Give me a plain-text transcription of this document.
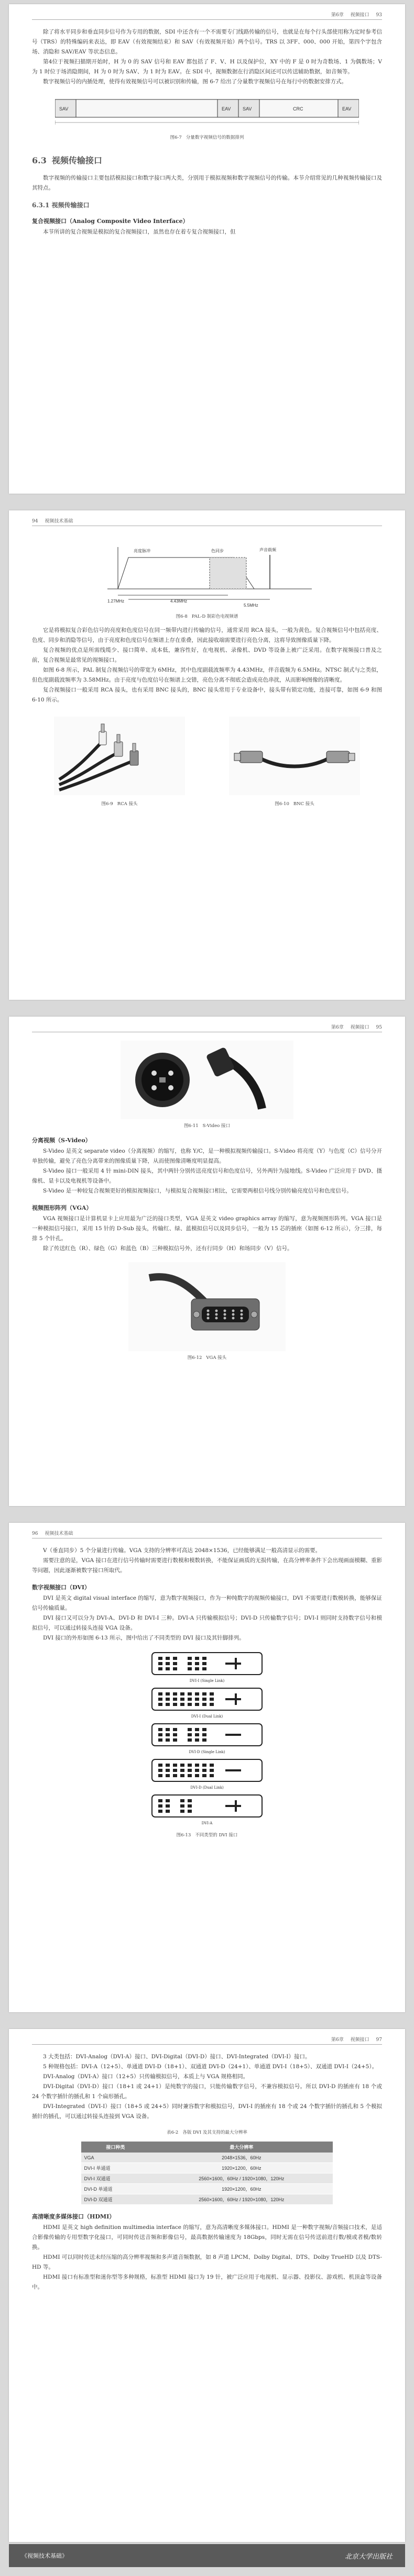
第6章 视频接口 93

除了将水平同步和垂直同步信号作为专用的数据，SDI 中还含有一个不需要专门线路传输的信号，也就是在每个行头部使用称为定时参考信号（TRS）的特殊编码来表达，即 EAV（有效视频结束）和 SAV（有效视频开始）两个信号。TRS 以 3FF、000、000 开始，第四个字包含场、消隐和 SAV/EAV 等状态信息。

第4位于视频扫描期开始时，H 为 0 的 SAV 信号和 EAV 都包括了 F、V、H 以及保护位，XY 中的 F 是 0 时为奇数场、1 为偶数场；V 为 1 时位于场消隐期间，H 为 0 时为 SAV、为 1 时为 EAV。在 SDI 中，视频数据在行消隐区间还可以传送辅助数据，如音频等。

数字视频信号的内插处理，使得有效视频信号可以被识别和传输，图 6-7 给出了分量数字视频信号在每行中的数据安排方式。

SAV	EAV	SAV	CRC	EAV
图6-7 分量数字视频信号的数据排列
6.3 视频传输接口

数字视频的传输接口主要包括模拟接口和数字接口两大类，分别用于模拟视频和数字视频信号的传输。本节介绍常见的几种视频传输接口及其特点。

6.3.1 视频传输接口
复合视频接口（Analog Composite Video Interface）

本节所讲的复合视频是模拟的复合视频接口，虽然也存在着专复合视频接口，但

94 视频技术基础
亮度脉冲	色同步	声音载频
1.27MHz	4.43MHz
5.5MHz
图6-8 PAL-D 制彩色电视频谱

它是将模拟复合彩色信号的亮度和色度信号在同一频带内进行传输的信号，通常采用 RCA 接头，一般为黄色。复合视频信号中包括亮度、色度、同步和消隐等信号，由于亮度和色度信号在频谱上存在重叠，因此接收端需要进行亮色分离，这将导致图像质量下降。

复合视频的优点是所需线缆少、接口简单、成本低，兼容性好，在电视机、录像机、DVD 等设备上被广泛采用。在数字视频接口普及之前，复合视频是最常见的视频接口。

如图 6-8 所示，PAL 制复合视频信号的带宽为 6MHz，其中色度副载波频率为 4.43MHz，伴音载频为 6.5MHz。NTSC 制式与之类似，但色度副载波频率为 3.58MHz。由于亮度与色度信号在频谱上交错，亮色分离不彻底会造成亮色串扰，从而影响图像的清晰度。

复合视频接口一般采用 RCA 接头，也有采用 BNC 接头的，BNC 接头常用于专业设备中，接头带有锁定功能，连接可靠，如图 6-9 和图 6-10 所示。

图6-9 RCA 接头	图6-10 BNC 接头
第6章 视频接口 95
图6-11 S-Video 接口
分离视频（S-Video）

S-Video 是英文 separate video（分离视频）的缩写，也称 Y/C，是一种模拟视频传输接口。S-Video 将亮度（Y）与色度（C）信号分开单独传输，避免了亮色分离带来的图像质量下降，从而使图像清晰度明显提高。

S-Video 接口一般采用 4 针 mini-DIN 接头，其中两针分别传送亮度信号和色度信号，另外两针为接地线。S-Video 广泛应用于 DVD、摄像机、显卡以及电视机等设备中。

S-Video 是一种较复合视频更好的模拟视频接口，与模拟复合视频接口相比，它需要两根信号线分别传输亮度信号和色度信号。

视频图形阵列（VGA）

VGA 视频接口是计算机显卡上应用最为广泛的接口类型，VGA 是英文 video graphics array 的缩写，意为视频图形阵列。VGA 接口是一种模拟信号接口，采用 15 针的 D-Sub 接头，传输红、绿、蓝模拟信号以及同步信号，一般为 15 芯的插座（如图 6-12 所示），分三排，每排 5 个针孔。

除了传送红色（R）、绿色（G）和蓝色（B）三种模拟信号外，还有行同步（H）和场同步（V）信号。

图6-12 VGA 接头
96 视频技术基础

V（垂直同步）5 个分量进行传输。VGA 支持的分辨率可高达 2048×1536，已经能够满足一般高清显示的需要。

需要注意的是，VGA 接口在进行信号传输时需要进行数模和模数转换，不能保证画质的无损传输，在高分辨率条件下会出现画面模糊、重影等问题，因此逐渐被数字接口所取代。

数字视频接口（DVI）

DVI 是英文 digital visual interface 的缩写，意为数字视频接口，作为一种纯数字的视频传输接口，DVI 不需要进行数模转换，能够保证信号传输质量。

DVI 接口又可以分为 DVI-A、DVI-D 和 DVI-I 三种。DVI-A 只传输模拟信号；DVI-D 只传输数字信号；DVI-I 则同时支持数字信号和模拟信号，可以通过转接头连接 VGA 设备。

DVI 接口的外形如图 6-13 所示，图中给出了不同类型的 DVI 接口及其针脚排列。

DVI-I (Single Link)

DVI-I (Dual Link)

DVI-D (Single Link)

DVI-D (Dual Link)

DVI-A
图6-13 不同类型的 DVI 接口
第6章 视频接口 97

3 大类包括：DVI-Analog（DVI-A）接口、DVI-Digital（DVI-D）接口、DVI-Integrated（DVI-I）接口。

5 种规格包括：DVI-A（12+5）、单通道 DVI-D（18+1）、双通道 DVI-D（24+1）、单通道 DVI-I（18+5）、双通道 DVI-I（24+5）。

DVI-Analog（DVI-A）接口（12+5）只传输模拟信号，本质上与 VGA 规格相同。

DVI-Digital（DVI-D）接口（18+1 或 24+1）是纯数字的接口，只能传输数字信号，不兼容模拟信号。所以 DVI-D 的插座有 18 个或 24 个数字插针的插孔和 1 个扁形插孔。

DVI-Integrated（DVI-I）接口（18+5 或 24+5）同时兼容数字和模拟信号，DVI-I 的插座有 18 个或 24 个数字插针的插孔和 5 个模拟插针的插孔，可以通过转接头连接到 VGA 设备。

表6-2 各版 DVI 及其支持的最大分辨率
接口种类	最大分辨率
VGA	2048×1536，60Hz
DVI-I 单通道	1920×1200，60Hz
DVI-I 双通道	2560×1600，60Hz / 1920×1080，120Hz
DVI-D 单通道	1920×1200，60Hz
DVI-D 双通道	2560×1600，60Hz / 1920×1080，120Hz
高清晰度多媒体接口（HDMI）

HDMI 是英文 high definition multimedia interface 的缩写，意为高清晰度多媒体接口。HDMI 是一种数字视频/音频接口技术，是适合影像传输的专用型数字化接口，可同时传送音频和影像信号，最高数据传输速度为 18Gbps，同时无需在信号传送前进行数/模或者模/数转换。

HDMI 可以同时传送未经压缩的高分辨率视频和多声道音频数据，如 8 声道 LPCM、Dolby Digital、DTS、Dolby TrueHD 以及 DTS-HD 等。

HDMI 接口有标准型和迷你型等多种规格，标准型 HDMI 接口为 19 针，被广泛应用于电视机、显示器、投影仪、游戏机、机顶盒等设备中。

《视频技术基础》	北京大学出版社
